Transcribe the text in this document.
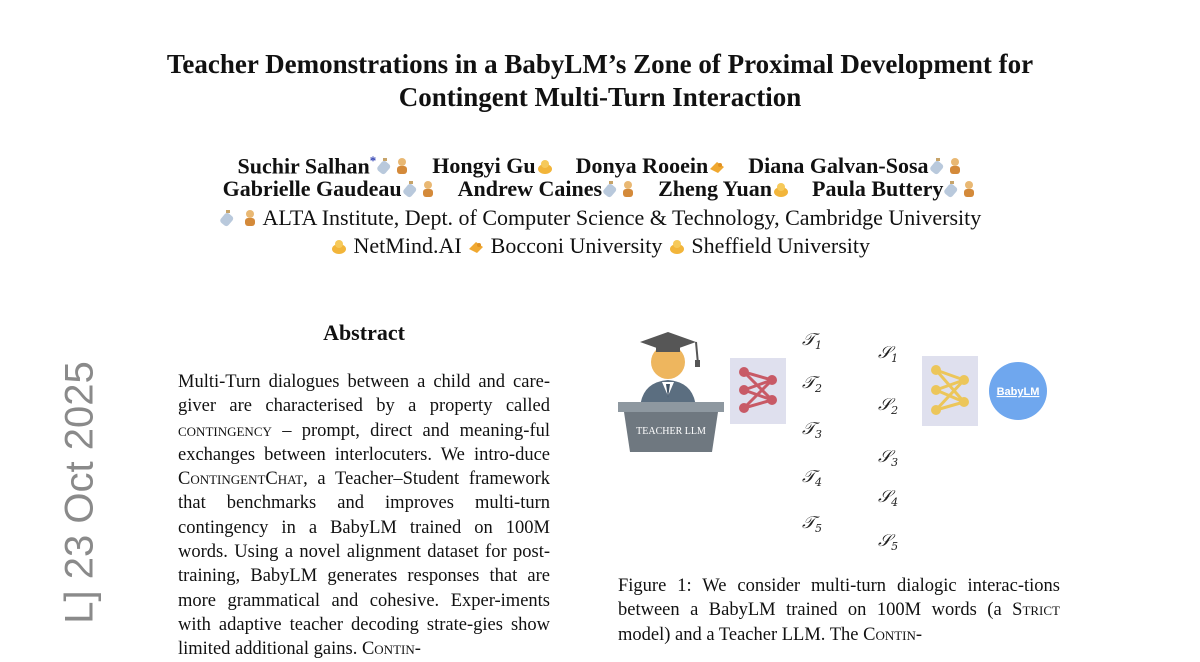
Teacher Demonstrations in a BabyLM’s Zone of Proximal Development for
Contingent Multi-Turn Interaction
Suchir Salhan*	Hongyi Gu Donya Rooein Diana Galvan-Sosa
Gabrielle Gaudeau	Andrew Caines	Zheng Yuan Paula Buttery
ALTA Institute, Dept. of Computer Science & Technology, Cambridge University
NetMind.AI Bocconi University Sheffield University
L] 23 Oct 2025
Abstract
Multi-Turn dialogues between a child and care-giver are characterised by a property called contingency – prompt, direct and meaning-ful exchanges between interlocuters. We intro-duce ContingentChat, a Teacher–Student framework that benchmarks and improves multi-turn contingency in a BabyLM trained on 100M words. Using a novel alignment dataset for post-training, BabyLM generates responses that are more grammatical and cohesive. Exper-iments with adaptive teacher decoding strate-gies show limited additional gains. Contin-
TEACHER LLM
𝒯$_1$
𝒯$_2$
𝒯$_3$
𝒯$_4$
𝒯$_5$
𝒮$_1$
𝒮$_2$
𝒮$_3$
𝒮$_4$
𝒮$_5$
BabyLM
Figure 1: We consider multi-turn dialogic interac-tions between a BabyLM trained on 100M words (a Strict model) and a Teacher LLM. The Contin-
